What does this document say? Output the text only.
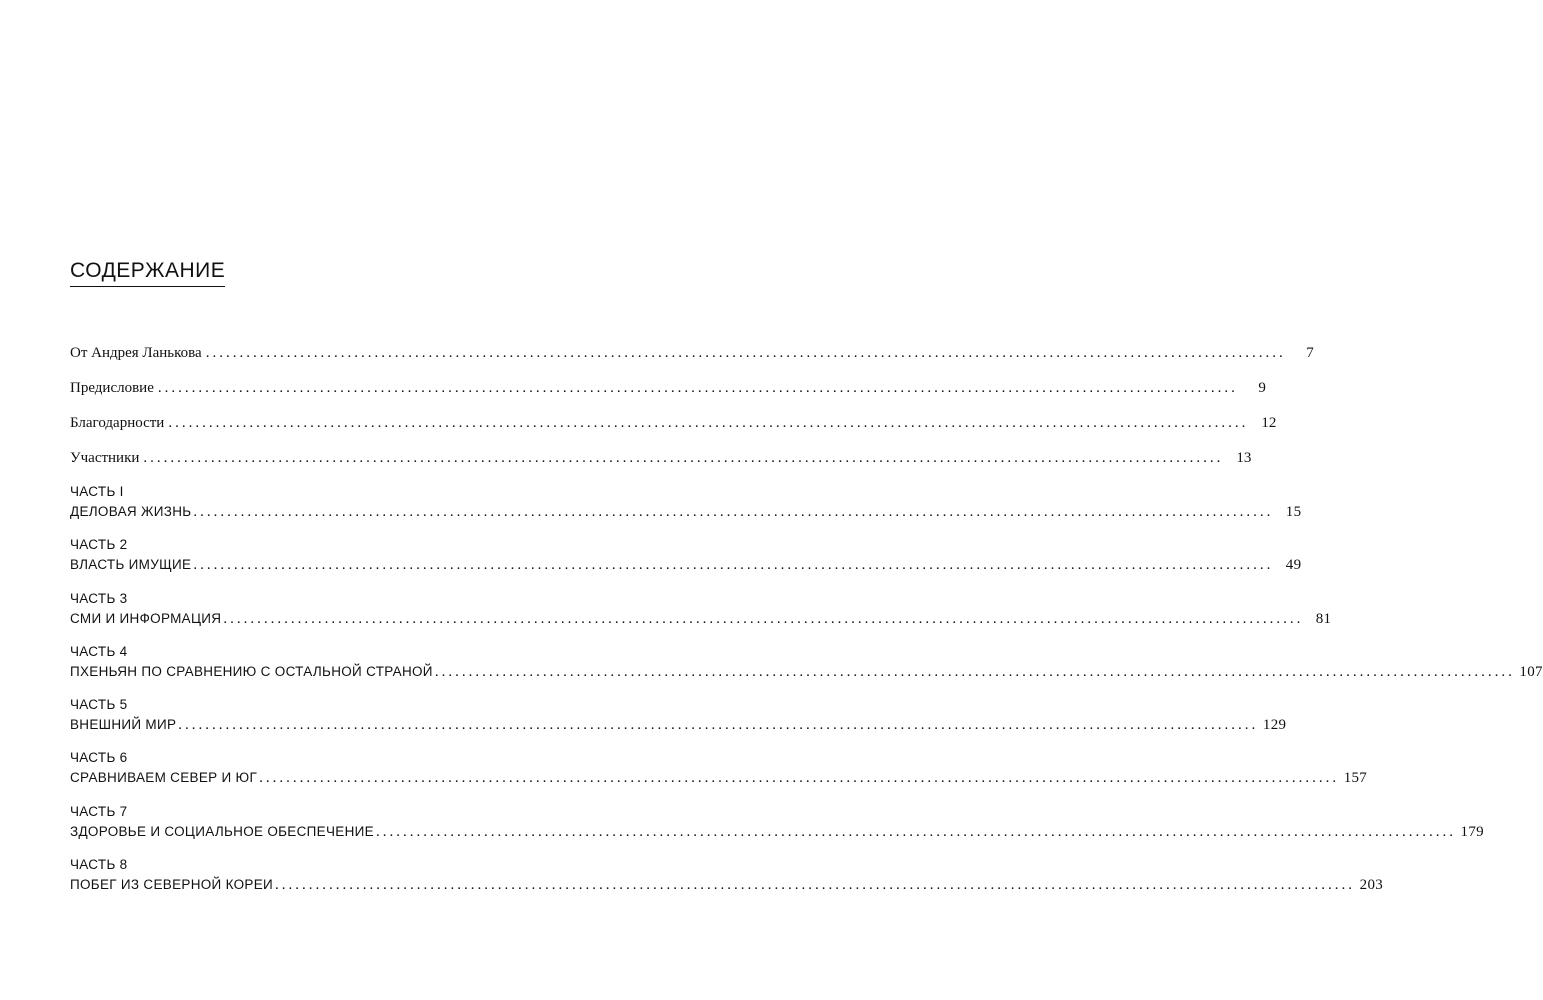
СОДЕРЖАНИЕ
От Андрея Ланькова ................................................................................................................................................................	7
Предисловие ................................................................................................................................................................	9
Благодарности ................................................................................................................................................................ 12
Участники ................................................................................................................................................................ 13
ЧАСТЬ I
ДЕЛОВАЯ ЖИЗНЬ ................................................................................................................................................................ 15
ЧАСТЬ 2
ВЛАСТЬ ИМУЩИЕ ................................................................................................................................................................ 49
ЧАСТЬ 3
СМИ И ИНФОРМАЦИЯ ................................................................................................................................................................ 81
ЧАСТЬ 4
ПХЕНЬЯН ПО СРАВНЕНИЮ С ОСТАЛЬНОЙ СТРАНОЙ ................................................................................................................................................................ 107
ЧАСТЬ 5
ВНЕШНИЙ МИР ................................................................................................................................................................ 129
ЧАСТЬ 6
СРАВНИВАЕМ СЕВЕР И ЮГ ................................................................................................................................................................ 157
ЧАСТЬ 7
ЗДОРОВЬЕ И СОЦИАЛЬНОЕ ОБЕСПЕЧЕНИЕ ................................................................................................................................................................ 179
ЧАСТЬ 8
ПОБЕГ ИЗ СЕВЕРНОЙ КОРЕИ ................................................................................................................................................................ 203
